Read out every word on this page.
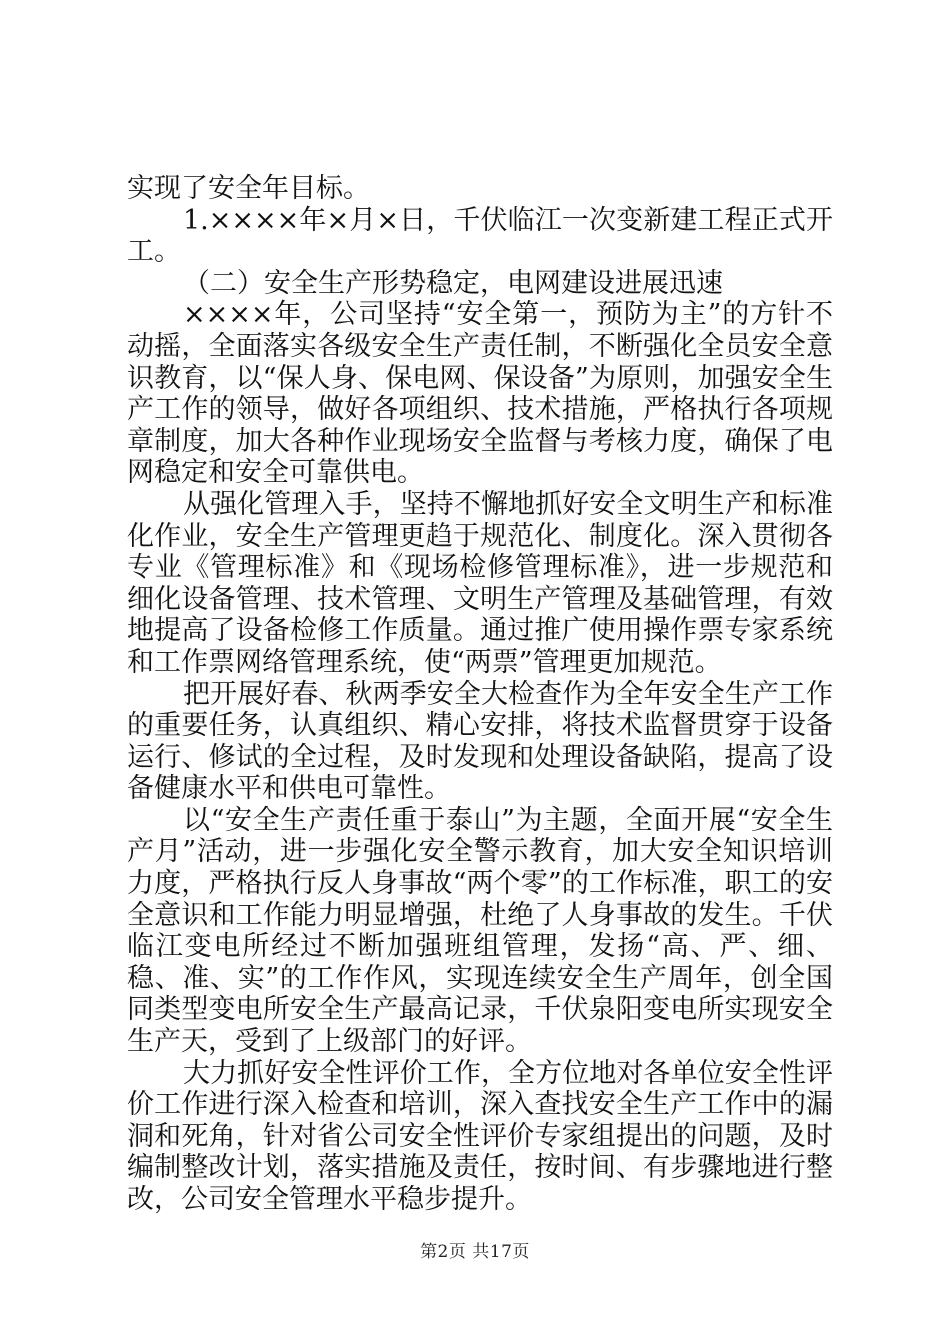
实现了安全年目标。

1.××××年×月×日，千伏临江一次变新建工程正式开工。

（二）安全生产形势稳定，电网建设进展迅速

××××年，公司坚持“安全第一，预防为主”的方针不动摇，全面落实各级安全生产责任制，不断强化全员安全意识教育，以“保人身、保电网、保设备”为原则，加强安全生产工作的领导，做好各项组织、技术措施，严格执行各项规章制度，加大各种作业现场安全监督与考核力度，确保了电网稳定和安全可靠供电。

从强化管理入手，坚持不懈地抓好安全文明生产和标准化作业，安全生产管理更趋于规范化、制度化。深入贯彻各专业《管理标准》和《现场检修管理标准》，进一步规范和细化设备管理、技术管理、文明生产管理及基础管理，有效地提高了设备检修工作质量。通过推广使用操作票专家系统和工作票网络管理系统，使“两票”管理更加规范。

把开展好春、秋两季安全大检查作为全年安全生产工作的重要任务，认真组织、精心安排，将技术监督贯穿于设备运行、修试的全过程，及时发现和处理设备缺陷，提高了设备健康水平和供电可靠性。

以“安全生产责任重于泰山”为主题，全面开展“安全生产月”活动，进一步强化安全警示教育，加大安全知识培训力度，严格执行反人身事故“两个零”的工作标准，职工的安全意识和工作能力明显增强，杜绝了人身事故的发生。千伏临江变电所经过不断加强班组管理，发扬“高、严、细、稳、准、实”的工作作风，实现连续安全生产周年，创全国同类型变电所安全生产最高记录，千伏泉阳变电所实现安全生产天，受到了上级部门的好评。

大力抓好安全性评价工作，全方位地对各单位安全性评价工作进行深入检查和培训，深入查找安全生产工作中的漏洞和死角，针对省公司安全性评价专家组提出的问题，及时编制整改计划，落实措施及责任，按时间、有步骤地进行整改，公司安全管理水平稳步提升。

第2页 共17页
